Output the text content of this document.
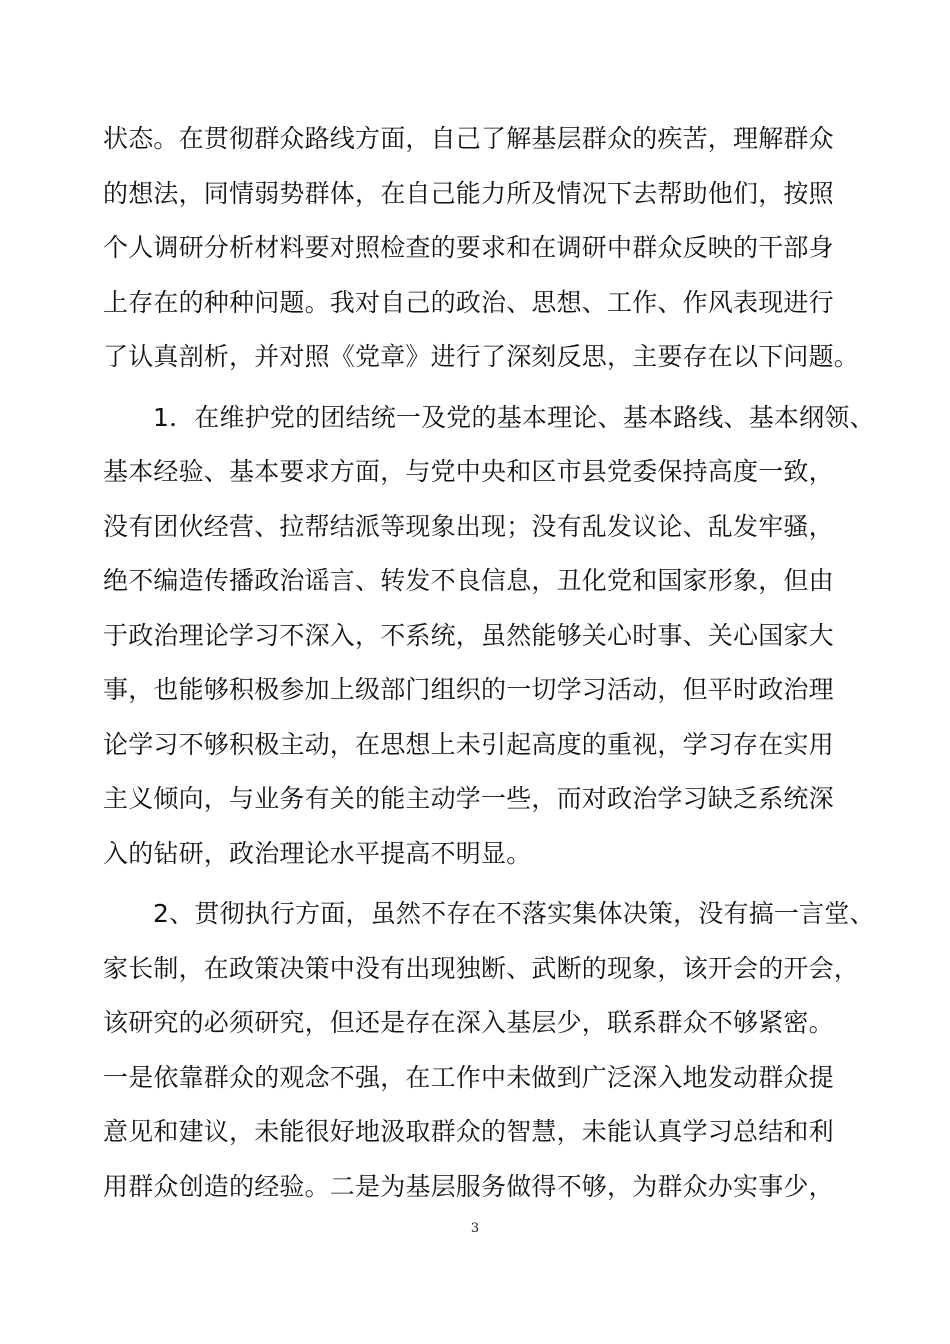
状态。在贯彻群众路线方面，自己了解基层群众的疾苦，理解群众
的想法，同情弱势群体，在自己能力所及情况下去帮助他们，按照
个人调研分析材料要对照检查的要求和在调研中群众反映的干部身
上存在的种种问题。我对自己的政治、思想、工作、作风表现进行
了认真剖析，并对照《党章》进行了深刻反思，主要存在以下问题。
1．在维护党的团结统一及党的基本理论、基本路线、基本纲领、
基本经验、基本要求方面，与党中央和区市县党委保持高度一致，
没有团伙经营、拉帮结派等现象出现；没有乱发议论、乱发牢骚，
绝不编造传播政治谣言、转发不良信息，丑化党和国家形象，但由
于政治理论学习不深入，不系统，虽然能够关心时事、关心国家大
事，也能够积极参加上级部门组织的一切学习活动，但平时政治理
论学习不够积极主动，在思想上未引起高度的重视，学习存在实用
主义倾向，与业务有关的能主动学一些，而对政治学习缺乏系统深
入的钻研，政治理论水平提高不明显。
2、贯彻执行方面，虽然不存在不落实集体决策，没有搞一言堂、
家长制，在政策决策中没有出现独断、武断的现象，该开会的开会，
该研究的必须研究，但还是存在深入基层少，联系群众不够紧密。
一是依靠群众的观念不强，在工作中未做到广泛深入地发动群众提
意见和建议，未能很好地汲取群众的智慧，未能认真学习总结和利
用群众创造的经验。二是为基层服务做得不够，为群众办实事少，
3
